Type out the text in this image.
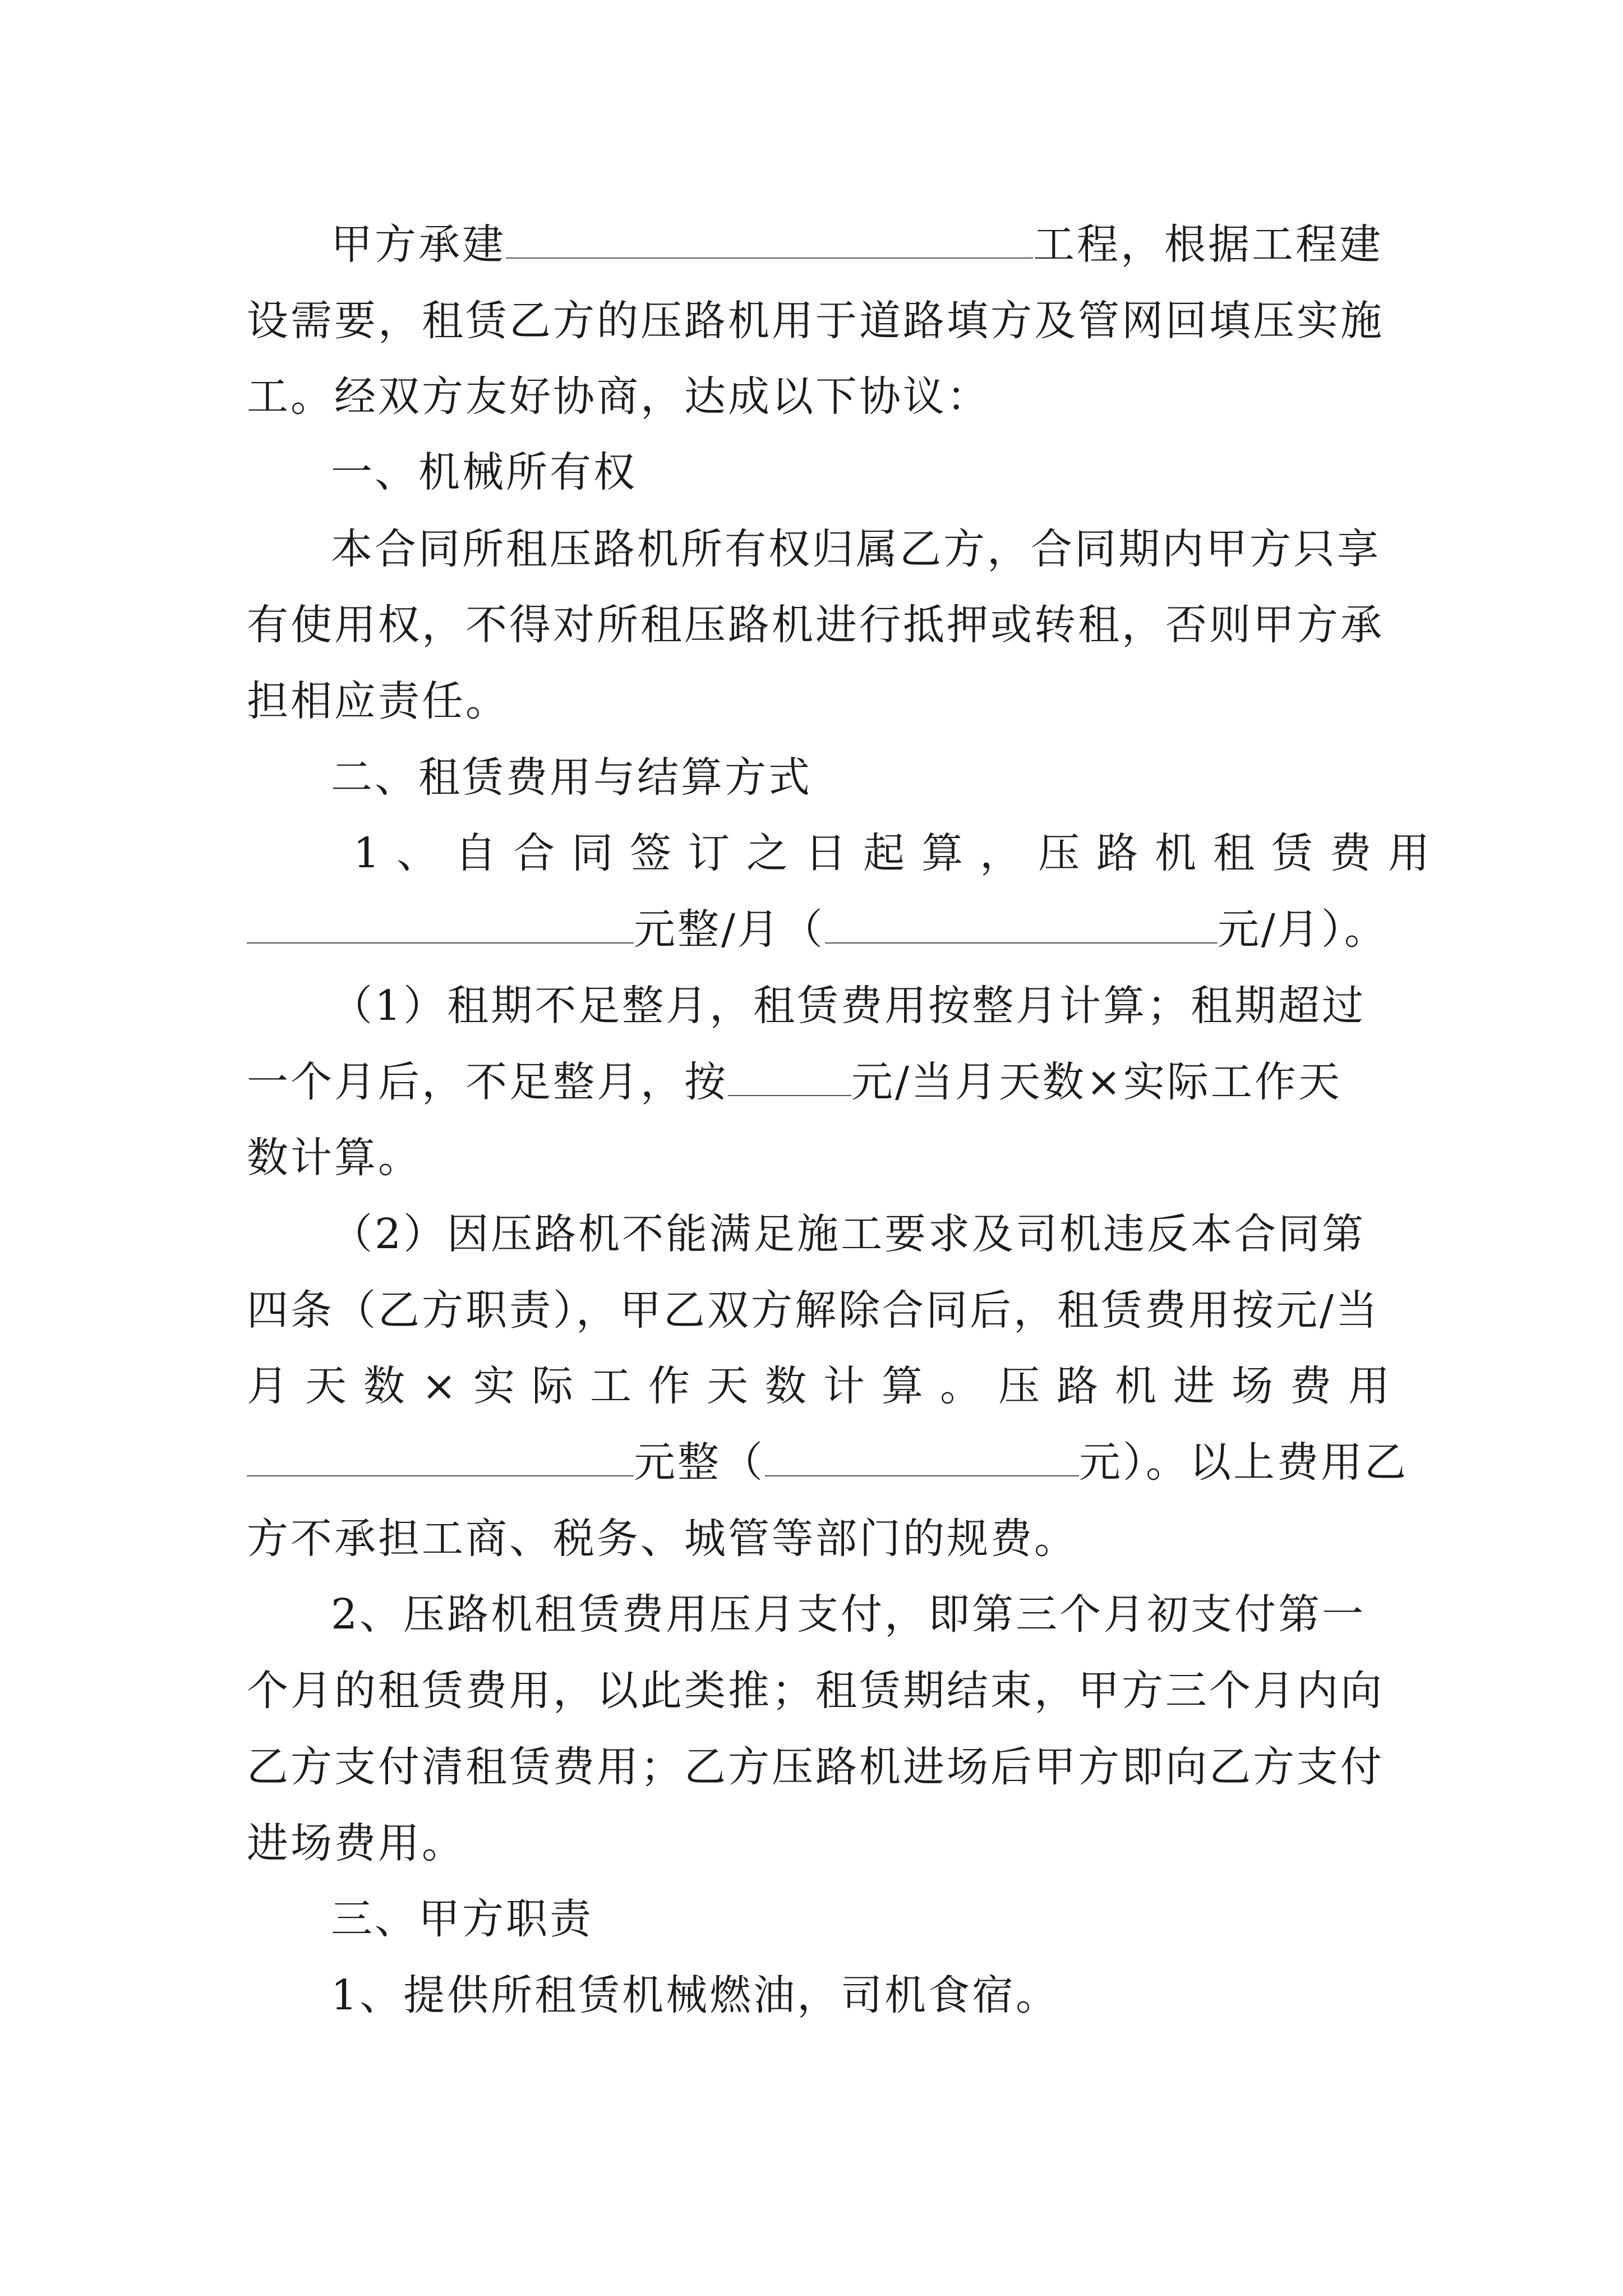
甲方承建	工程，根据工程建
设需要，租赁乙方的压路机用于道路填方及管网回填压实施
工。经双方友好协商，达成以下协议：
一、机械所有权
本合同所租压路机所有权归属乙方，合同期内甲方只享
有使用权，不得对所租压路机进行抵押或转租，否则甲方承
担相应责任。
二、租赁费用与结算方式
1、自合同签订之日起算，压路机租赁费用
元整/月（	元/月）。
（1）租期不足整月，租赁费用按整月计算；租期超过
一个月后，不足整月，按	元/当月天数×实际工作天
数计算。
（2）因压路机不能满足施工要求及司机违反本合同第
四条（乙方职责），甲乙双方解除合同后，租赁费用按元/当
月天数×实际工作天数计算。压路机进场费用
元整（	元）。以上费用乙
方不承担工商、税务、城管等部门的规费。
2、压路机租赁费用压月支付，即第三个月初支付第一
个月的租赁费用，以此类推；租赁期结束，甲方三个月内向
乙方支付清租赁费用；乙方压路机进场后甲方即向乙方支付
进场费用。
三、甲方职责
1、提供所租赁机械燃油，司机食宿。
